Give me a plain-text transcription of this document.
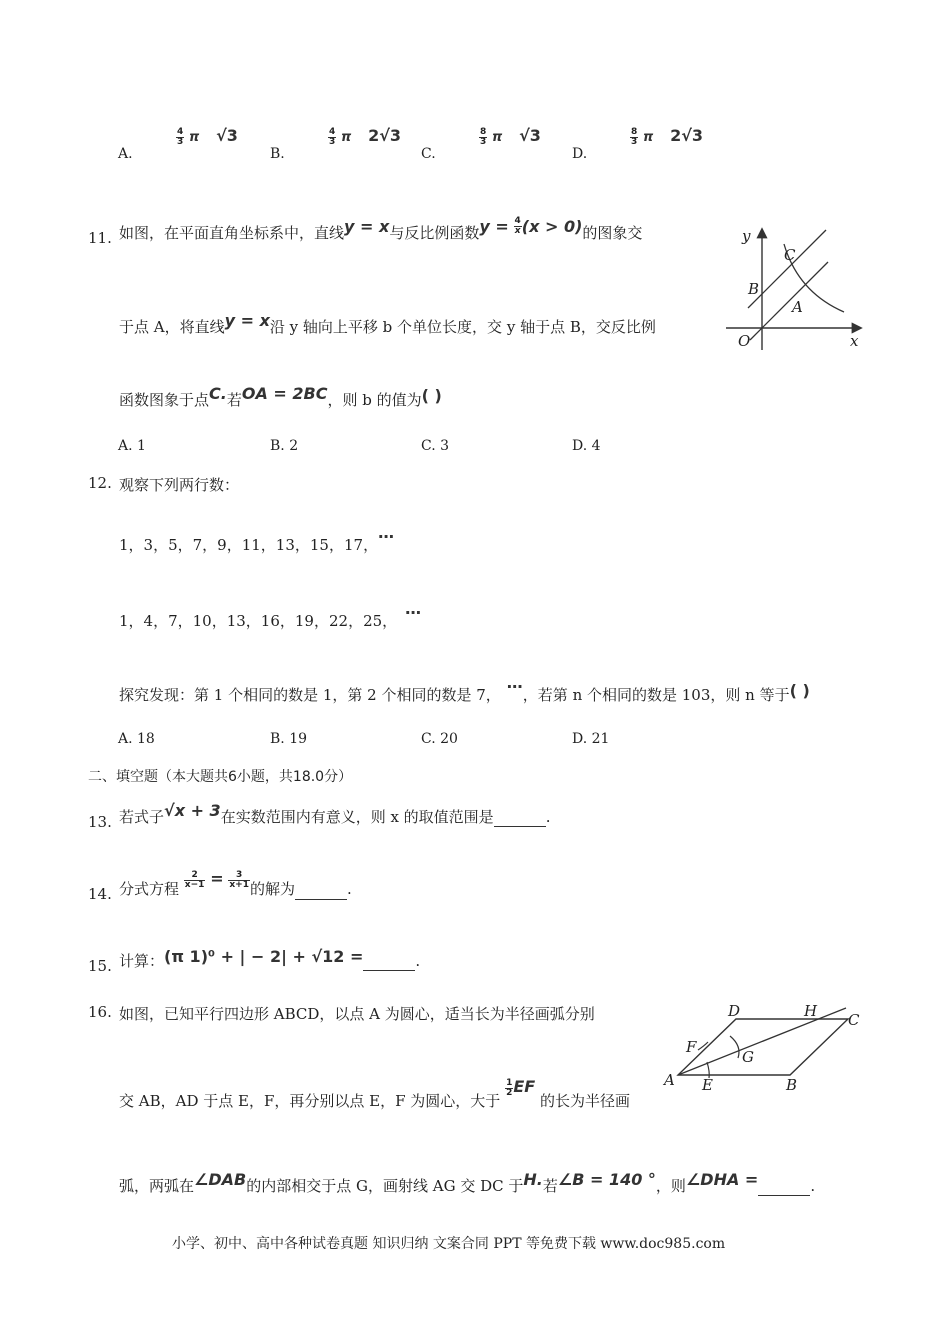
A.
$\frac{4}{3}$ π √3
B.
$\frac{4}{3}$ π 2√3
C.
$\frac{8}{3}$ π √3
D.
$\frac{8}{3}$ π 2√3
11. 如图，在平面直角坐标系中，直线y = x与反比例函数$y = \frac{4}{x} (x > 0)$的图象交
于点 A，将直线y = x沿 y 轴向上平移 b 个单位长度，交 y 轴于点 B，交反比例
函数图象于点C.若OA = 2BC，则 b 的值为( )
A. 1	B. 2	C. 3	D. 4
y
x
O
B
C
A
12. 观察下列两行数：
1，3，5，7，9，11，13，15，17，⋯
1，4，7，10，13，16，19，22，25， ⋯
探究发现：第 1 个相同的数是 1，第 2 个相同的数是 7， ⋯，若第 n 个相同的数是 103，则 n 等于( )
A. 18	B. 19	C. 20	D. 21
二、填空题（本大题共6小题，共18.0分）
13. 若式子√x + 3在实数范围内有意义，则 x 的取值范围是	.
14. 分式方程 $\frac{2}{x-1} = \frac{3}{x+1}$ 的解为	.
15. 计算：(π 1)⁰ + | − 2| + √12 =	.
16. 如图，已知平行四边形 ABCD，以点 A 为圆心，适当长为半径画弧分别
交 AB，AD 于点 E，F，再分别以点 E，F 为圆心，大于
$\frac{1}{2}$ EF 的长为半径画
弧，两弧在∠DAB的内部相交于点 G，画射线 AG 交 DC 于H.若∠B = 140 °，则∠DHA =	.
A	B
C
D
E
F
G
H
小学、初中、高中各种试卷真题 知识归纳 文案合同 PPT 等免费下载 www.doc985.com
